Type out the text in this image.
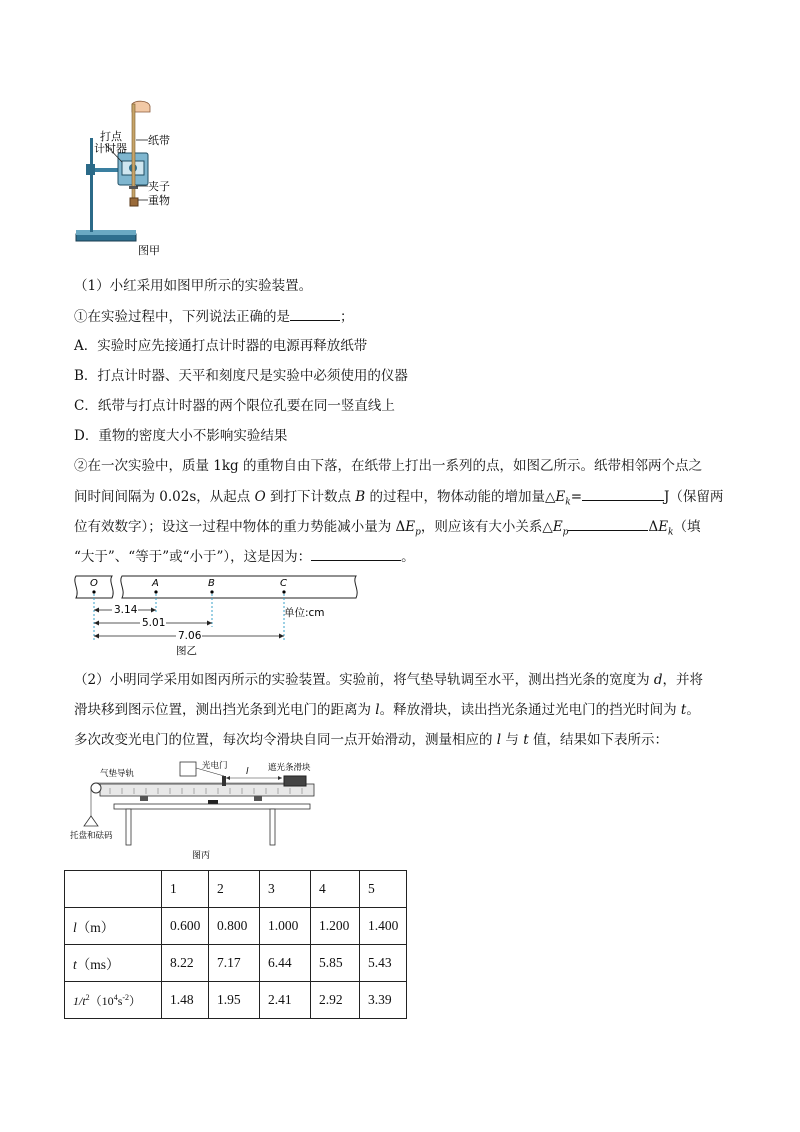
打点
计时器
纸带
夹子
重物
图甲
（1）小红采用如图甲所示的实验装置。
①在实验过程中，下列说法正确的是	；
A．实验时应先接通打点计时器的电源再释放纸带
B．打点计时器、天平和刻度尺是实验中必须使用的仪器
C．纸带与打点计时器的两个限位孔要在同一竖直线上
D．重物的密度大小不影响实验结果
②在一次实验中，质量 1kg 的重物自由下落，在纸带上打出一系列的点，如图乙所示。纸带相邻两个点之
间时间间隔为 0.02s，从起点 O 到打下计数点 B 的过程中，物体动能的增加量$\triangle E_k=$	J（保留两
位有效数字）；设这一过程中物体的重力势能减小量为 $\Delta E_p$，则应该有大小关系$\triangle E_p$	$\Delta E_k$（填
“大于”、“等于”或“小于”），这是因为：	。
O	A	B	C
3.14
5.01
7.06
单位:cm
图乙
（2）小明同学采用如图丙所示的实验装置。实验前，将气垫导轨调至水平，测出挡光条的宽度为 d，并将
滑块移到图示位置，测出挡光条到光电门的距离为 l。释放滑块，读出挡光条通过光电门的挡光时间为 t。
多次改变光电门的位置，每次均令滑块自同一点开始滑动，测量相应的 l 与 t 值，结果如下表所示：
气垫导轨
光电门
l 遮光条滑块
托盘和砝码
图丙
	1	2	3	4	5
l（m）	0.600	0.800	1.000	1.200	1.400
t（ms）	8.22	7.17	6.44	5.85	5.43
$1/t^2(10^4s^{-2})$	1.48	1.95	2.41	2.92	3.39
